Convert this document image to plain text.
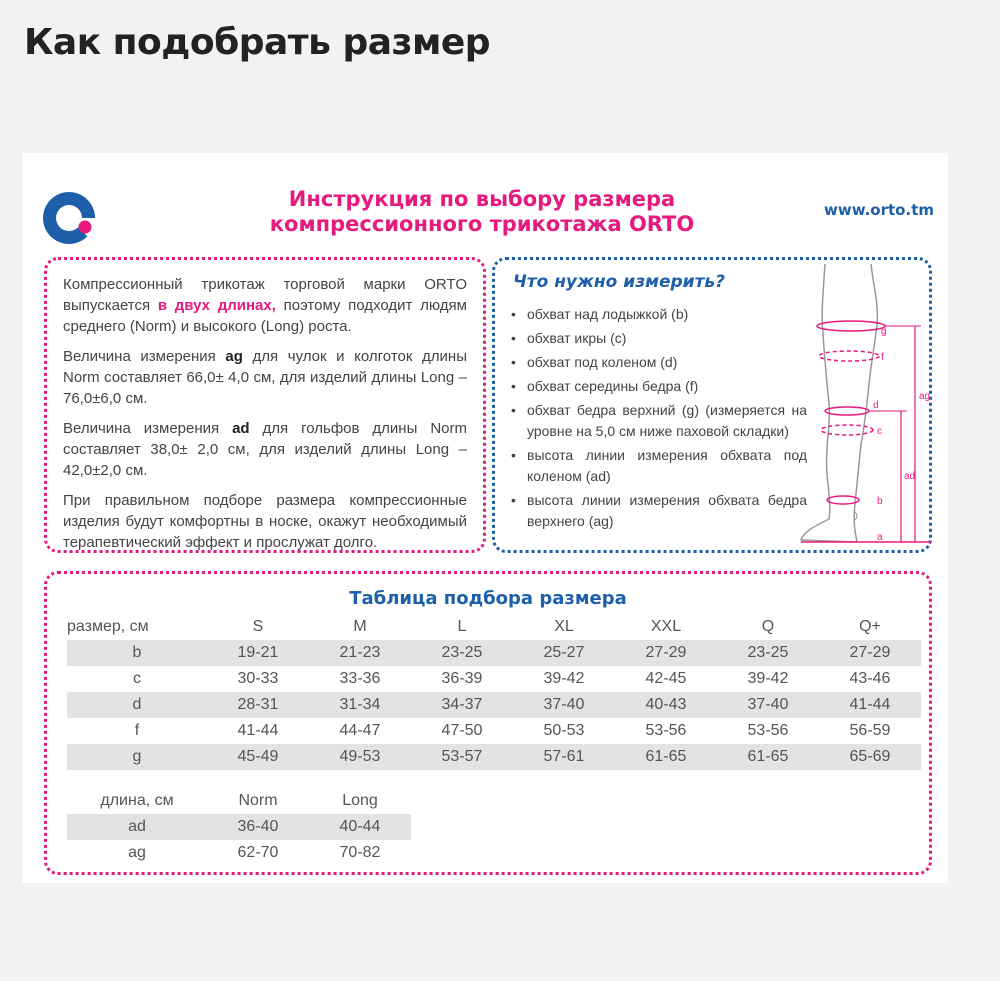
Как подобрать размер
Инструкция по выбору размера
компрессионного трикотажа ORTO
www.orto.tm

Компрессионный трикотаж торговой марки ORTO выпускается в двух длинах, поэтому подходит людям среднего (Norm) и высокого (Long) роста.

Величина измерения ag для чулок и колготок длины Norm составляет 66,0± 4,0 см, для изделий длины Long – 76,0±6,0 см.

Величина измерения ad для гольфов длины Norm составляет 38,0± 2,0 см, для изделий длины Long – 42,0±2,0 см.

При правильном подборе размера компрессионные изделия будут комфортны в носке, окажут необходимый терапевтический эффект и прослужат долго.

Что нужно измерить?
• обхват над лодыжкой (b)
• обхват икры (c)
• обхват под коленом (d)
• обхват середины бедра (f)
• обхват бедра верхний (g) (измеряется на уровне на 5,0 см ниже паховой складки)
• высота линии измерения обхвата под коленом (ad)
• высота линии измерения обхвата бедра верхнего (ag)
g
f
ag
d
c
ad
b
a
Таблица подбора размера
размер, см	S	M	L	XL	XXL	Q	Q+
b	19-21	21-23	23-25	25-27	27-29	23-25	27-29
c	30-33	33-36	36-39	39-42	42-45	39-42	43-46
d	28-31	31-34	34-37	37-40	40-43	37-40	41-44
f	41-44	44-47	47-50	50-53	53-56	53-56	56-59
g	45-49	49-53	53-57	57-61	61-65	61-65	65-69
длина, см	Norm	Long
ad	36-40	40-44
ag	62-70	70-82
